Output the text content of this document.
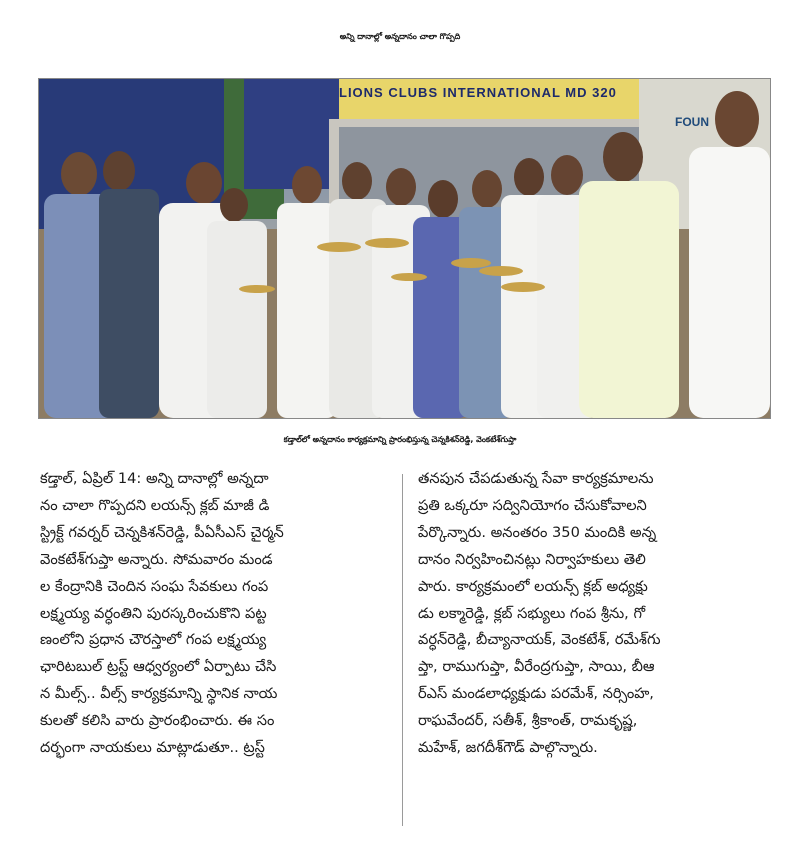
అన్ని దానాల్లో అన్నదానం చాలా గొప్పది
LIONS CLUBS INTERNATIONAL MD 320
FOUN
కడ్తాల్‌లో అన్నదానం కార్యక్రమాన్ని ప్రారంభిస్తున్న చెన్నకిశన్‌రెడ్డి, వెంకటేశ్‌గుప్తా
కడ్తాల్, ఏప్రిల్ 14: అన్ని దానాల్లో అన్నదా
నం చాలా గొప్పదని లయన్స్ క్లబ్ మాజీ డి
స్ట్రిక్ట్ గవర్నర్ చెన్నకిశన్‌రెడ్డి, పీఏసీఎస్ చైర్మన్
వెంకటేశ్‌గుప్తా అన్నారు. సోమవారం మండ
ల కేంద్రానికి చెందిన సంఘ సేవకులు గంప
లక్ష్మయ్య వర్ధంతిని పురస్కరించుకొని పట్ట
ణంలోని ప్రధాన చౌరస్తాలో గంప లక్ష్మయ్య
ఛారిటబుల్ ట్రస్ట్ ఆధ్వర్యంలో ఏర్పాటు చేసి
న మీల్స్.. వీల్స్ కార్యక్రమాన్ని స్థానిక నాయ
కులతో కలిసి వారు ప్రారంభించారు. ఈ సం
దర్భంగా నాయకులు మాట్లాడుతూ.. ట్రస్ట్
తనపున చేపడుతున్న సేవా కార్యక్రమాలను
ప్రతి ఒక్కరూ సద్వినియోగం చేసుకోవాలని
పేర్కొన్నారు. అనంతరం 350 మందికి అన్న
దానం నిర్వహించినట్లు నిర్వాహకులు తెలి
పారు. కార్యక్రమంలో లయన్స్ క్లబ్ అధ్యక్షు
డు లక్మారెడ్డి, క్లబ్ సభ్యులు గంప శ్రీను, గో
వర్ధన్‌రెడ్డి, బీచ్యానాయక్, వెంకటేశ్, రమేశ్‌గు
ప్తా, రాముగుప్తా, వీరేంద్రగుప్తా, సాయి, బీఆ
ర్ఎస్ మండలాధ్యక్షుడు పరమేశ్, నర్సింహ,
రాఘవేందర్, సతీశ్, శ్రీకాంత్, రామకృష్ణ,
మహేశ్, జగదీశ్‌గౌడ్ పాల్గొన్నారు.
